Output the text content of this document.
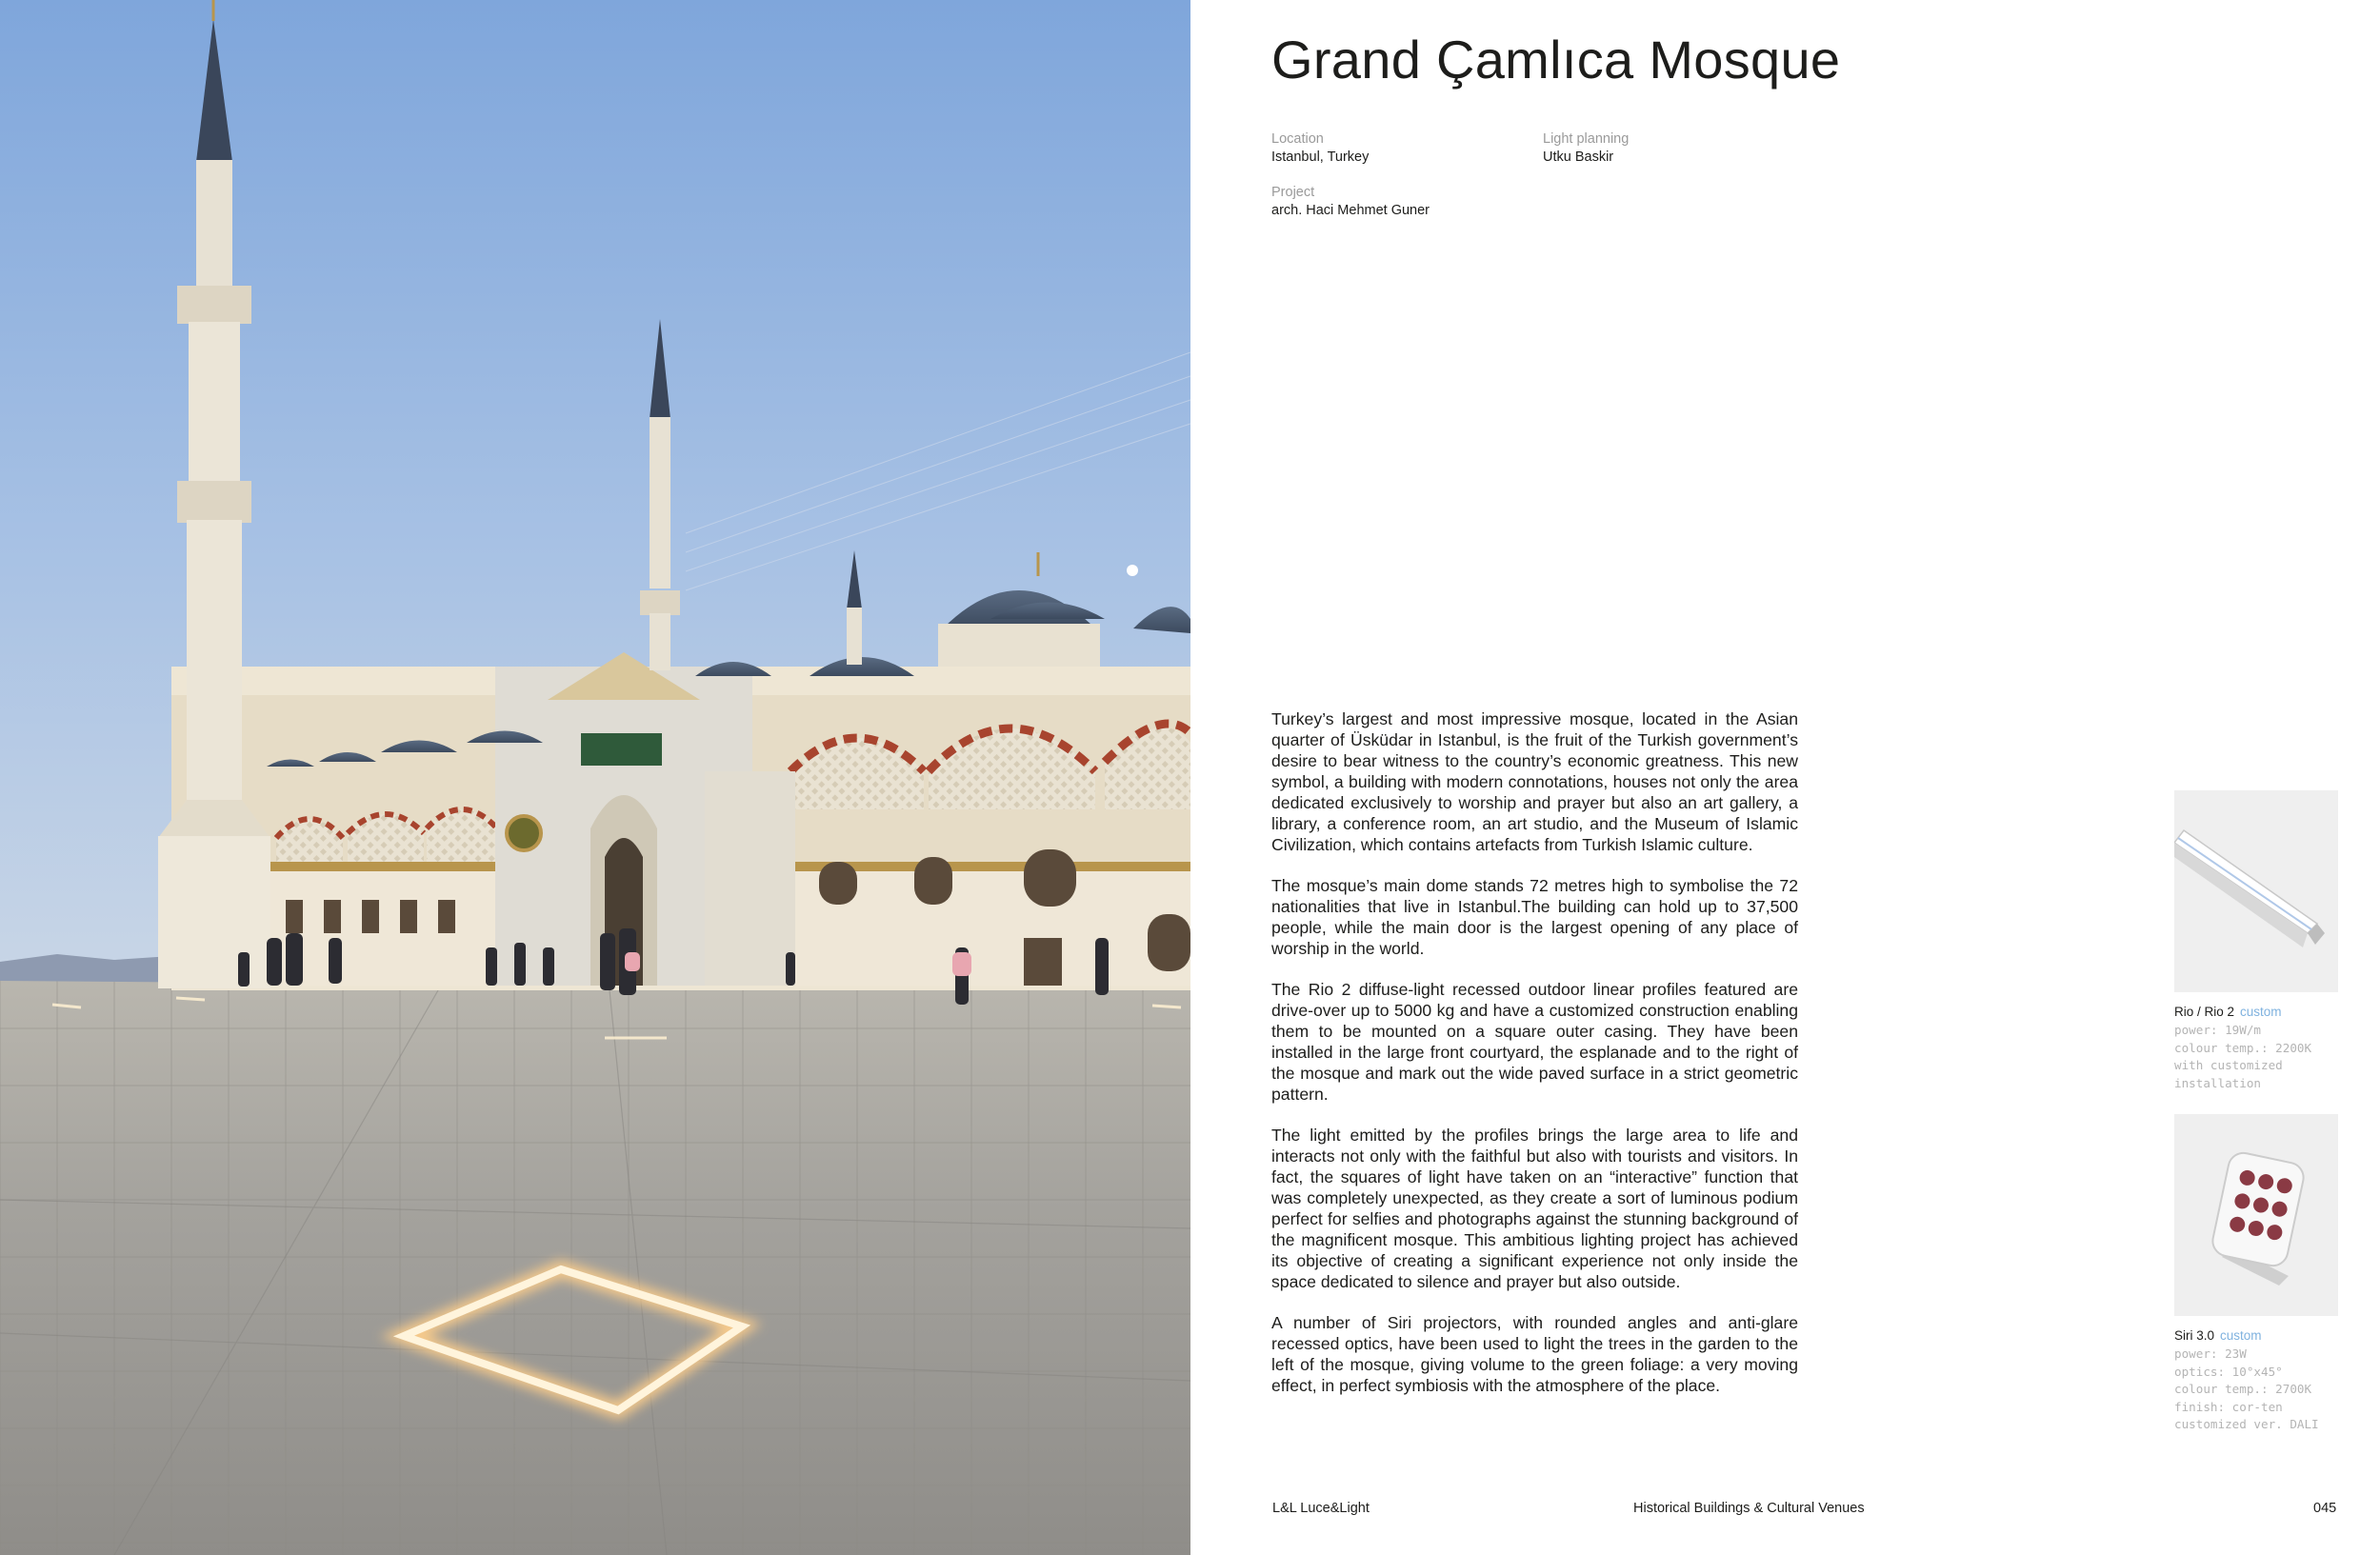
Grand Çamlıca Mosque
Location
Istanbul, Turkey
Light planning
Utku Baskir
Project
arch. Haci Mehmet Guner

Turkey’s largest and most impressive mosque, located in the Asian quarter of Üsküdar in Istanbul, is the fruit of the Turkish government’s desire to bear witness to the country’s economic greatness. This new symbol, a building with modern connotations, houses not only the area dedicated exclusively to worship and prayer but also an art gallery, a library, a conference room, an art studio, and the Museum of Islamic Civilization, which contains artefacts from Turkish Islamic culture.

The mosque’s main dome stands 72 metres high to symbolise the 72 nationalities that live in Istanbul.The building can hold up to 37,500 people, while the main door is the largest opening of any place of worship in the world.

The Rio 2 diffuse-light recessed outdoor linear profiles featured are drive-over up to 5000 kg and have a customized construction enabling them to be mounted on a square outer casing. They have been installed in the large front courtyard, the esplanade and to the right of the mosque and mark out the wide paved surface in a strict geometric pattern.

The light emitted by the profiles brings the large area to life and interacts not only with the faithful but also with tourists and visitors. In fact, the squares of light have taken on an “interactive” function that was completely unexpected, as they create a sort of luminous podium perfect for selfies and photographs against the stunning background of the magnificent mosque. This ambitious lighting project has achieved its objective of creating a significant experience not only inside the space dedicated to silence and prayer but also outside.

A number of Siri projectors, with rounded angles and anti-glare recessed optics, have been used to light the trees in the garden to the left of the mosque, giving volume to the green foliage: a very moving effect, in perfect symbiosis with the atmosphere of the place.

Rio / Rio 2 custom
power: 19W/m
colour temp.: 2200K
with customized
installation
Siri 3.0 custom
power: 23W
optics: 10°x45°
colour temp.: 2700K
finish: cor-ten
customized ver. DALI
L&L Luce&Light	Historical Buildings & Cultural Venues	045
